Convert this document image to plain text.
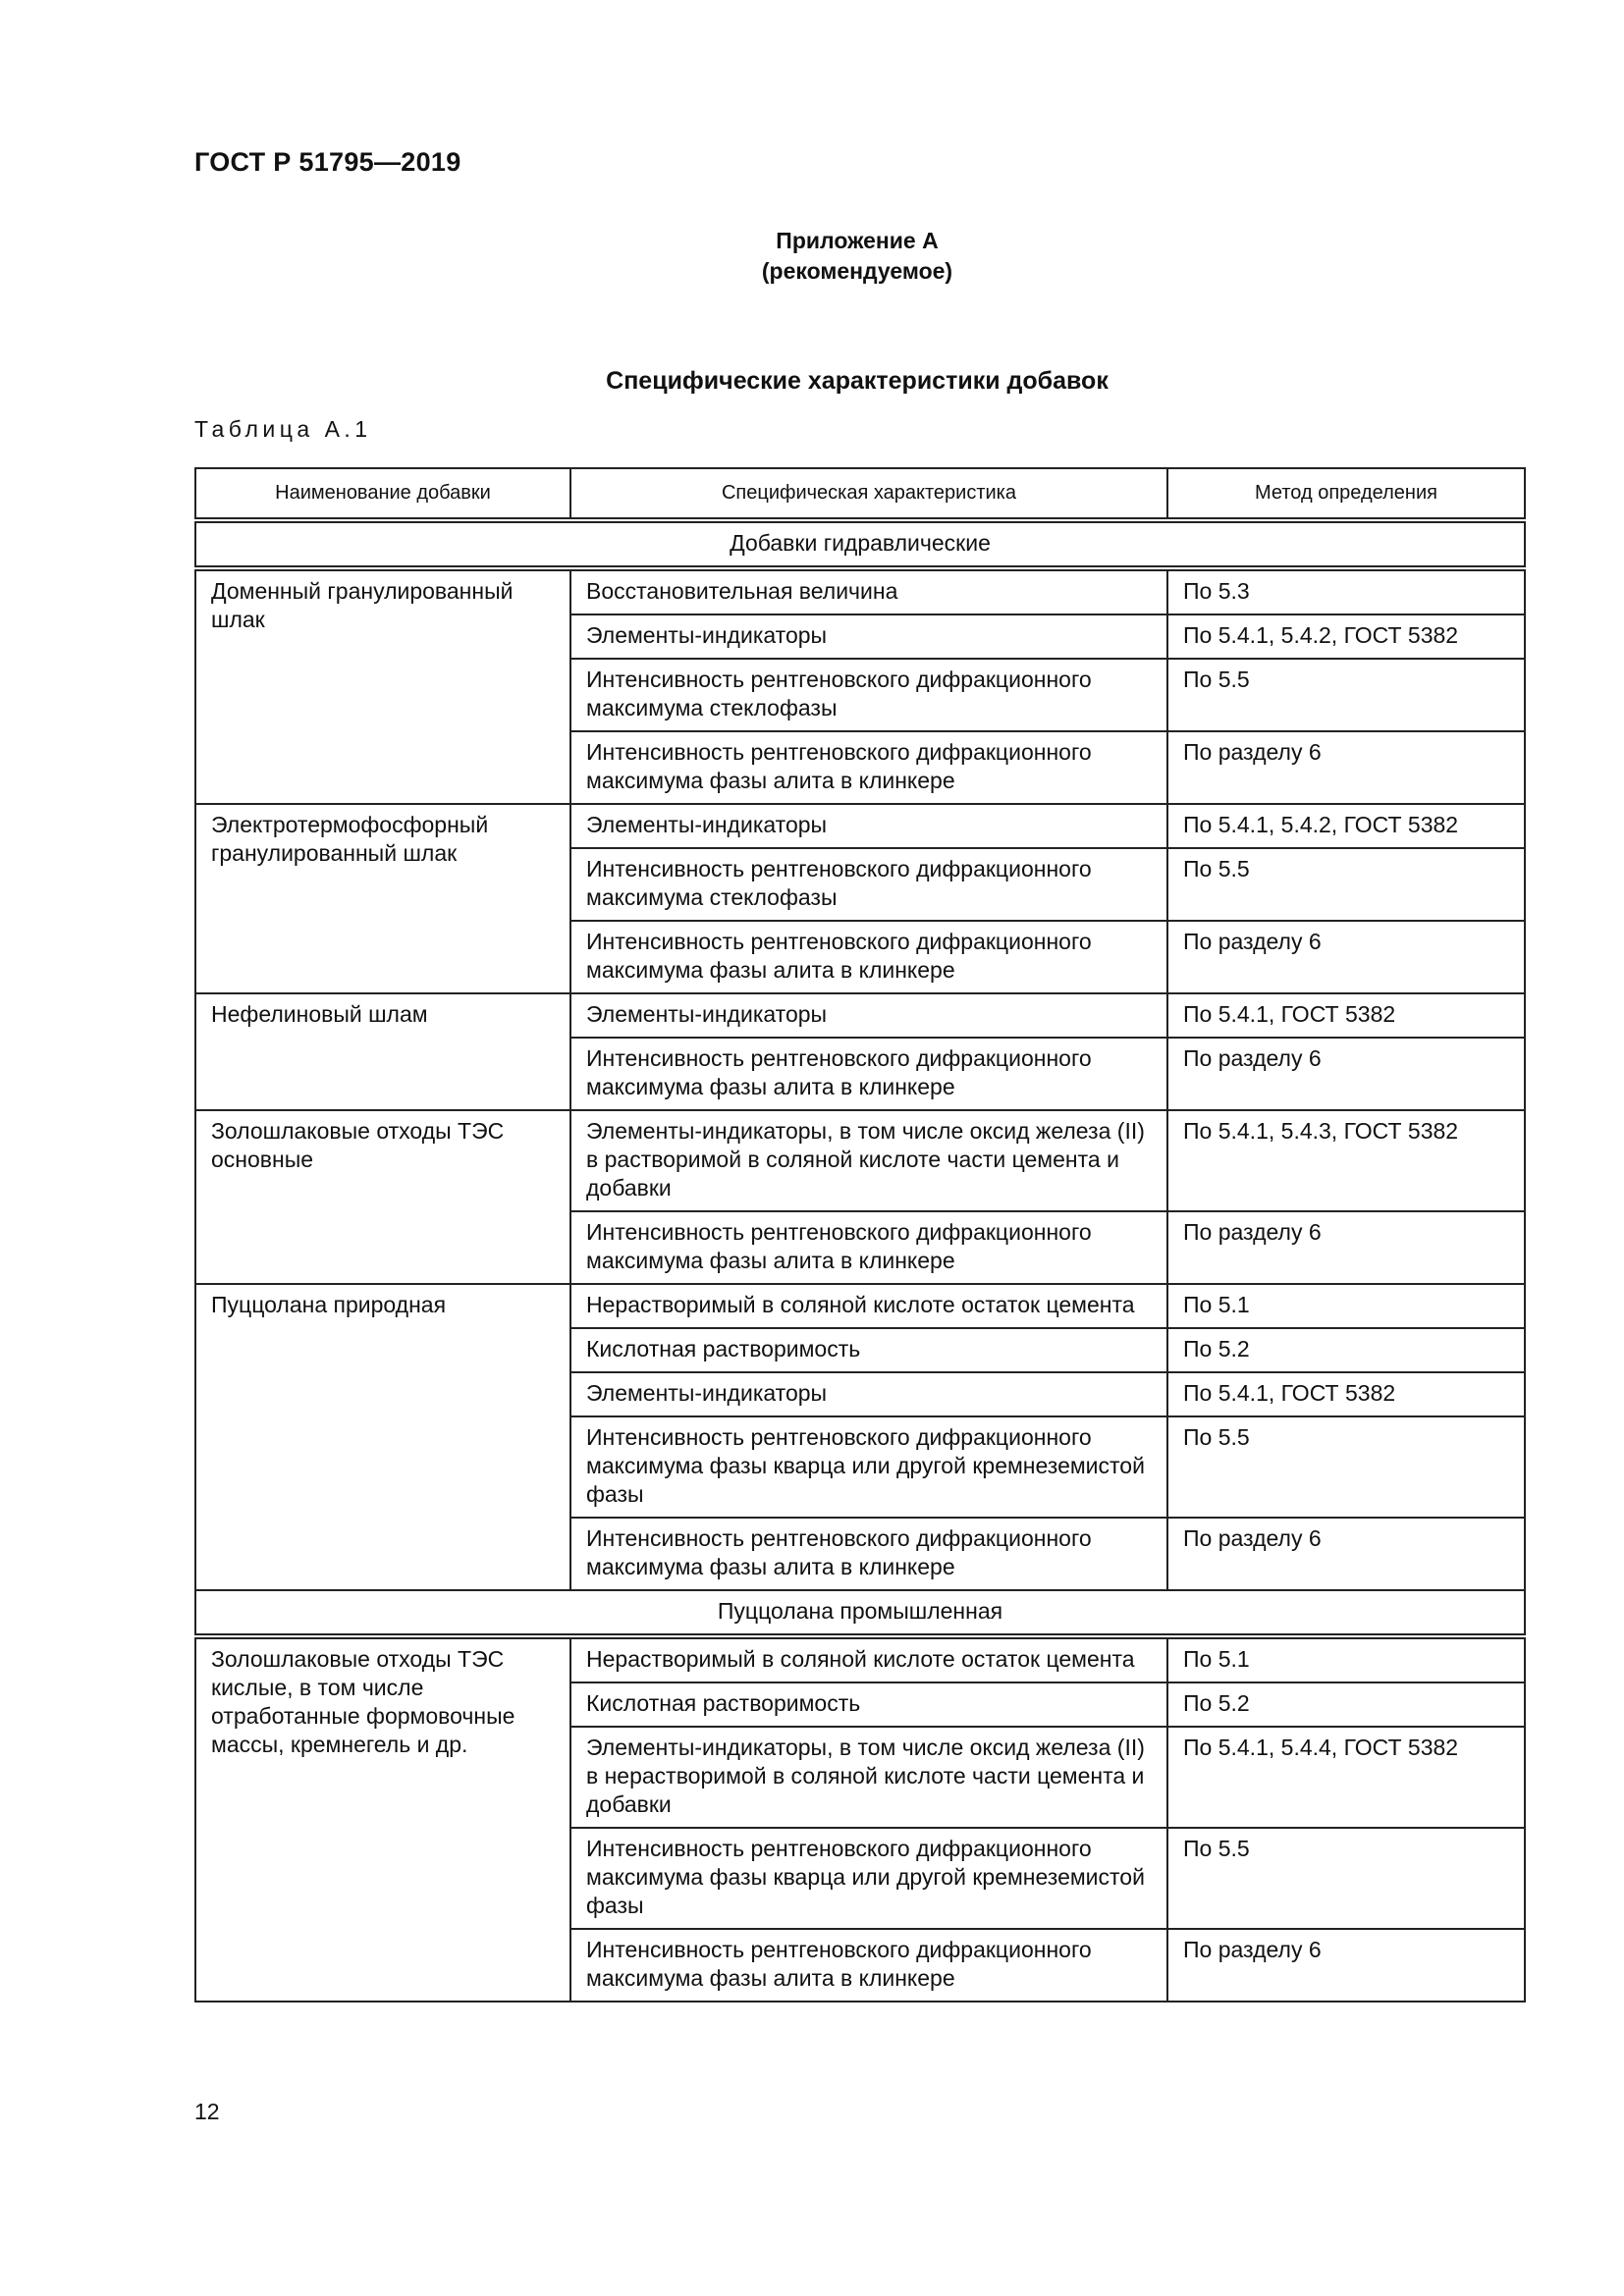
ГОСТ Р 51795—2019
Приложение А
(рекомендуемое)
Специфические характеристики добавок
Таблица А.1
Наименование добавки	Специфическая характеристика	Метод определения
Добавки гидравлические		
Доменный гранулированный шлак	Восстановительная величина	По 5.3
	Элементы-индикаторы	По 5.4.1, 5.4.2, ГОСТ 5382
	Интенсивность рентгеновского дифракционного максимума стеклофазы	По 5.5
	Интенсивность рентгеновского дифракционного максимума фазы алита в клинкере	По разделу 6
Электротермофосфорный гранулированный шлак	Элементы-индикаторы	По 5.4.1, 5.4.2, ГОСТ 5382
	Интенсивность рентгеновского дифракционного максимума стеклофазы	По 5.5
	Интенсивность рентгеновского дифракционного максимума фазы алита в клинкере	По разделу 6
Нефелиновый шлам	Элементы-индикаторы	По 5.4.1, ГОСТ 5382
	Интенсивность рентгеновского дифракционного максимума фазы алита в клинкере	По разделу 6
Золошлаковые отходы ТЭС основные	Элементы-индикаторы, в том числе оксид железа (II) в растворимой в соляной кислоте части цемента и добавки	По 5.4.1, 5.4.3, ГОСТ 5382
	Интенсивность рентгеновского дифракционного максимума фазы алита в клинкере	По разделу 6
Пуццолана природная	Нерастворимый в соляной кислоте остаток цемента	По 5.1
	Кислотная растворимость	По 5.2
	Элементы-индикаторы	По 5.4.1, ГОСТ 5382
	Интенсивность рентгеновского дифракционного максимума фазы кварца или другой кремнеземистой фазы	По 5.5
	Интенсивность рентгеновского дифракционного максимума фазы алита в клинкере	По разделу 6
Пуццолана промышленная		
Золошлаковые отходы ТЭС кислые, в том числе отработанные формовочные массы, кремнегель и др.	Нерастворимый в соляной кислоте остаток цемента	По 5.1
	Кислотная растворимость	По 5.2
	Элементы-индикаторы, в том числе оксид железа (II) в нерастворимой в соляной кислоте части цемента и добавки	По 5.4.1, 5.4.4, ГОСТ 5382
	Интенсивность рентгеновского дифракционного максимума фазы кварца или другой кремнеземистой фазы	По 5.5
	Интенсивность рентгеновского дифракционного максимума фазы алита в клинкере	По разделу 6
12
